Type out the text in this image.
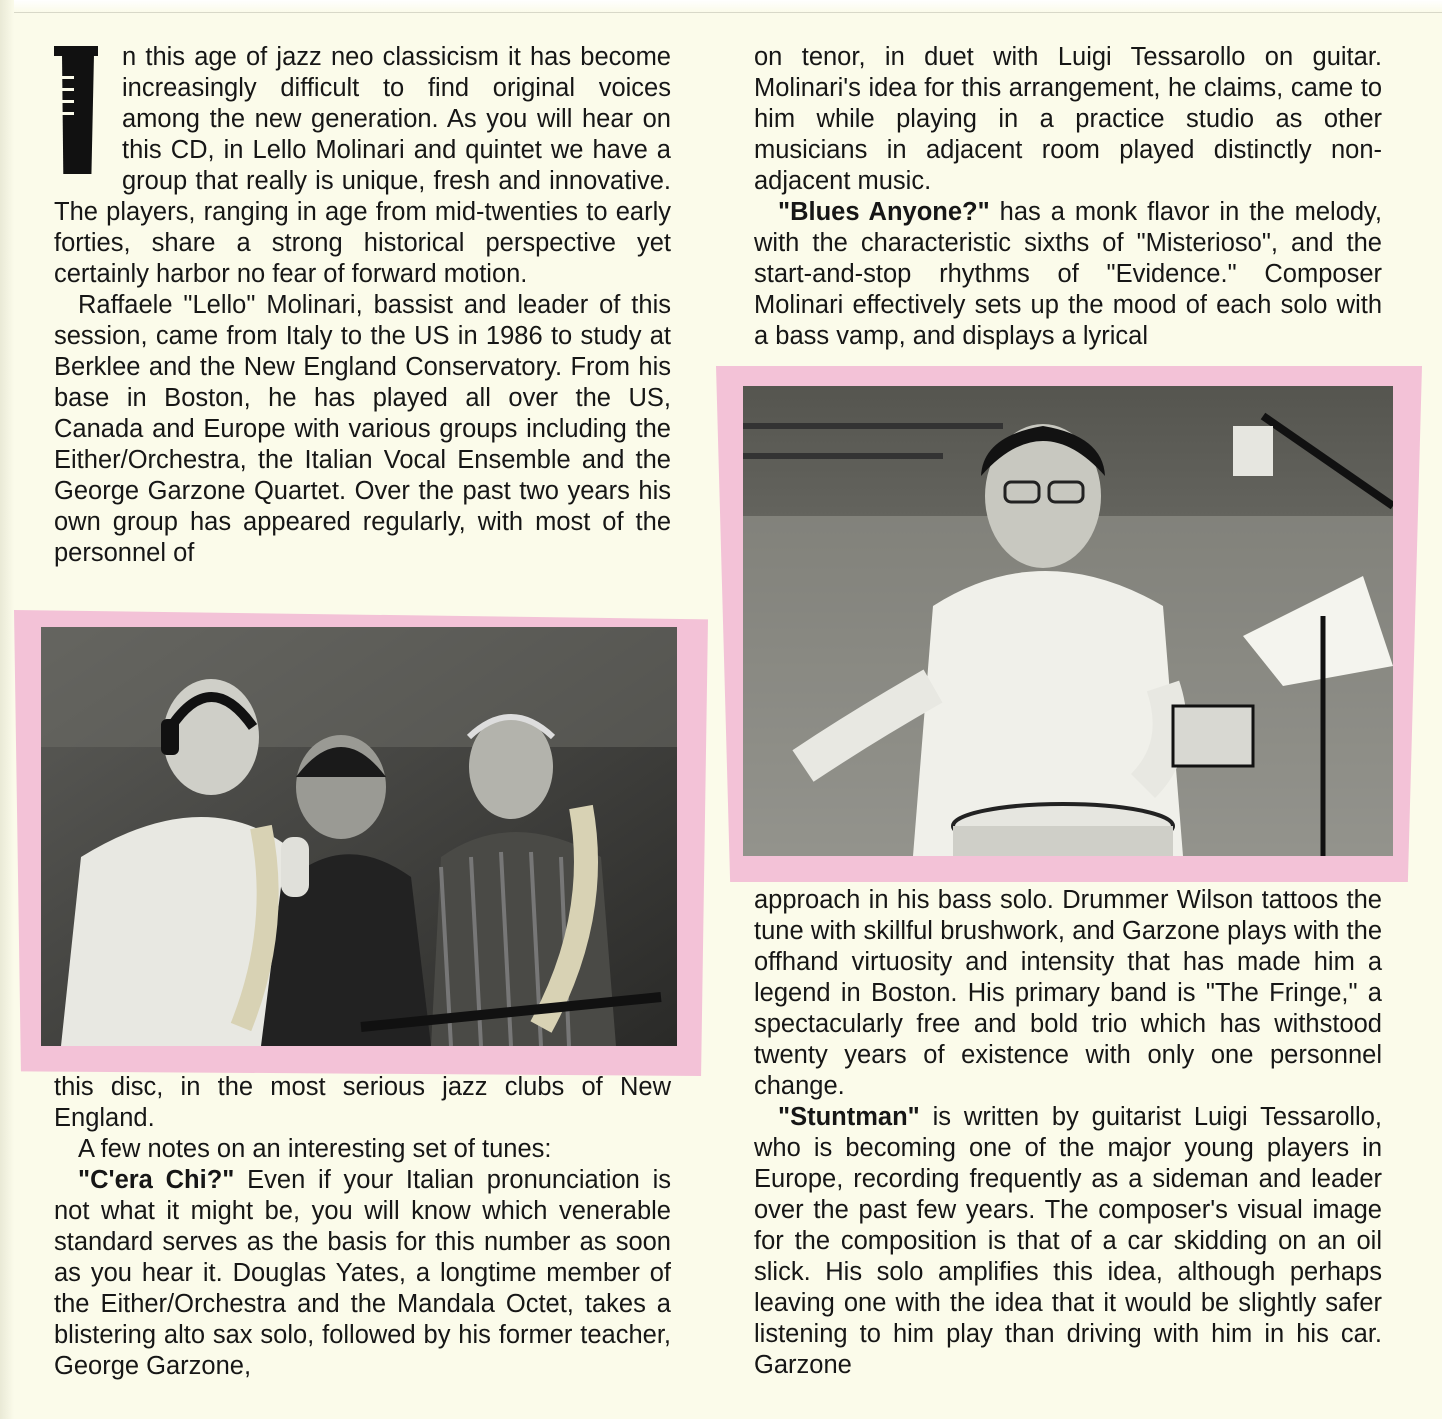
n this age of jazz neo classicism it has become increasingly difficult to find original voices among the new generation. As you will hear on this CD, in Lello Molinari and quintet we have a group that really is unique, fresh and innovative. The players, ranging in age from mid-twenties to early forties, share a strong historical perspective yet certainly harbor no fear of forward motion.

Raffaele "Lello" Molinari, bassist and leader of this session, came from Italy to the US in 1986 to study at Berklee and the New England Conservatory. From his base in Boston, he has played all over the US, Canada and Europe with various groups including the Either/Orchestra, the Italian Vocal Ensemble and the George Garzone Quartet. Over the past two years his own group has appeared regularly, with most of the personnel of

this disc, in the most serious jazz clubs of New England.

A few notes on an interesting set of tunes:

"C'era Chi?" Even if your Italian pronunciation is not what it might be, you will know which venerable standard serves as the basis for this number as soon as you hear it. Douglas Yates, a longtime member of the Either/Orchestra and the Mandala Octet, takes a blistering alto sax solo, followed by his former teacher, George Garzone,

on tenor, in duet with Luigi Tessarollo on guitar. Molinari's idea for this arrangement, he claims, came to him while playing in a practice studio as other musicians in adjacent room played distinctly non-adjacent music.

"Blues Anyone?" has a monk flavor in the melody, with the characteristic sixths of "Misterioso", and the start-and-stop rhythms of "Evidence." Composer Molinari effectively sets up the mood of each solo with a bass vamp, and displays a lyrical

approach in his bass solo. Drummer Wilson tattoos the tune with skillful brushwork, and Garzone plays with the offhand virtuosity and intensity that has made him a legend in Boston. His primary band is "The Fringe," a spectacularly free and bold trio which has withstood twenty years of existence with only one personnel change.

"Stuntman" is written by guitarist Luigi Tessarollo, who is becoming one of the major young players in Europe, recording frequently as a sideman and leader over the past few years. The composer's visual image for the composition is that of a car skidding on an oil slick. His solo amplifies this idea, although perhaps leaving one with the idea that it would be slightly safer listening to him play than driving with him in his car. Garzone
